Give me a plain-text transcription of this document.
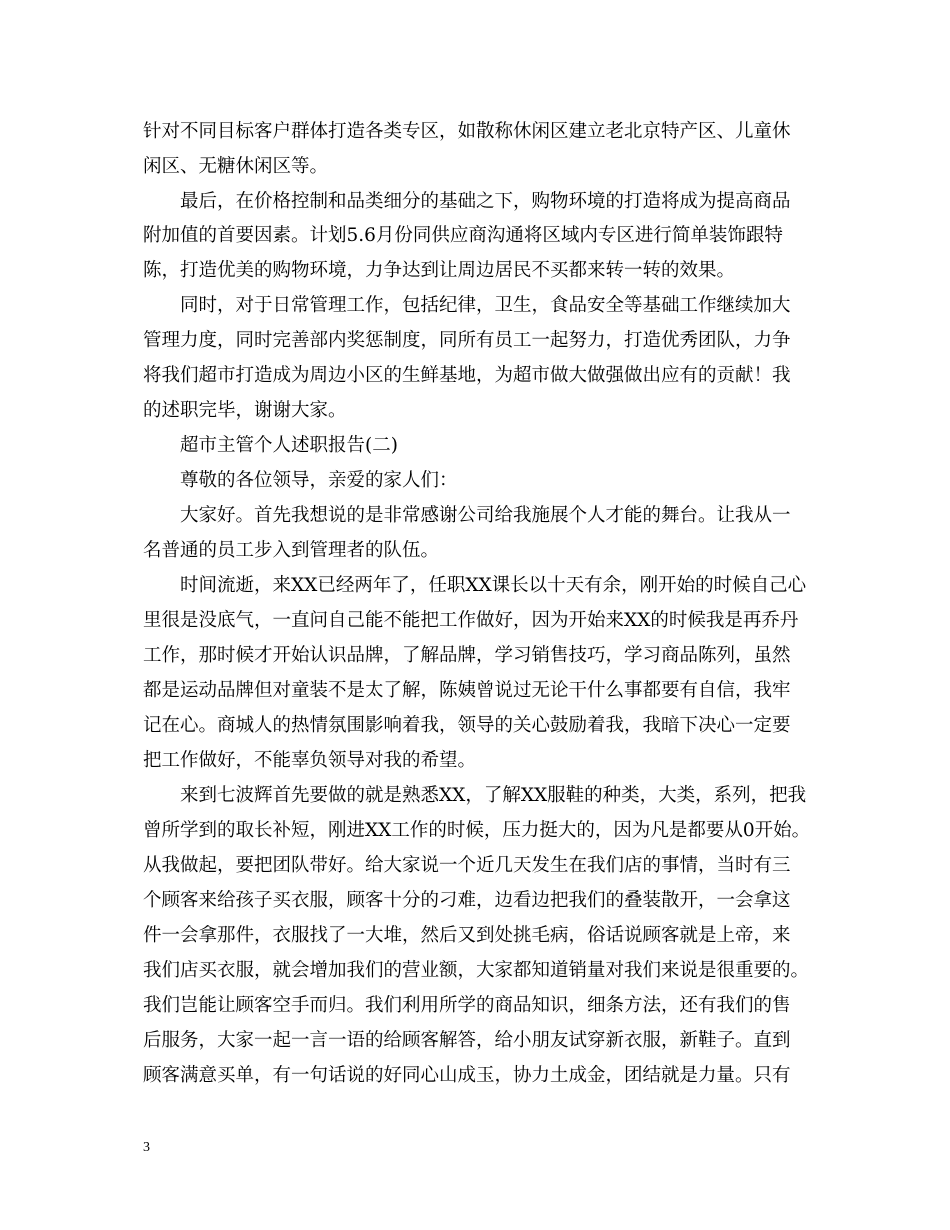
针对不同目标客户群体打造各类专区，如散称休闲区建立老北京特产区、儿童休
闲区、无糖休闲区等。
最后，在价格控制和品类细分的基础之下，购物环境的打造将成为提高商品
附加值的首要因素。计划5.6月份同供应商沟通将区域内专区进行简单装饰跟特
陈，打造优美的购物环境，力争达到让周边居民不买都来转一转的效果。
同时，对于日常管理工作，包括纪律，卫生，食品安全等基础工作继续加大
管理力度，同时完善部内奖惩制度，同所有员工一起努力，打造优秀团队，力争
将我们超市打造成为周边小区的生鲜基地，为超市做大做强做出应有的贡献！我
的述职完毕，谢谢大家。
超市主管个人述职报告(二)
尊敬的各位领导，亲爱的家人们：
大家好。首先我想说的是非常感谢公司给我施展个人才能的舞台。让我从一
名普通的员工步入到管理者的队伍。
时间流逝，来XX已经两年了，任职XX课长以十天有余，刚开始的时候自己心
里很是没底气，一直问自己能不能把工作做好，因为开始来XX的时候我是再乔丹
工作，那时候才开始认识品牌，了解品牌，学习销售技巧，学习商品陈列，虽然
都是运动品牌但对童装不是太了解，陈姨曾说过无论干什么事都要有自信，我牢
记在心。商城人的热情氛围影响着我，领导的关心鼓励着我，我暗下决心一定要
把工作做好，不能辜负领导对我的希望。
来到七波辉首先要做的就是熟悉XX，了解XX服鞋的种类，大类，系列，把我
曾所学到的取长补短，刚进XX工作的时候，压力挺大的，因为凡是都要从0开始。
从我做起，要把团队带好。给大家说一个近几天发生在我们店的事情，当时有三
个顾客来给孩子买衣服，顾客十分的刁难，边看边把我们的叠装散开，一会拿这
件一会拿那件，衣服找了一大堆，然后又到处挑毛病，俗话说顾客就是上帝，来
我们店买衣服，就会增加我们的营业额，大家都知道销量对我们来说是很重要的。
我们岂能让顾客空手而归。我们利用所学的商品知识，细条方法，还有我们的售
后服务，大家一起一言一语的给顾客解答，给小朋友试穿新衣服，新鞋子。直到
顾客满意买单，有一句话说的好同心山成玉，协力土成金，团结就是力量。只有
3
